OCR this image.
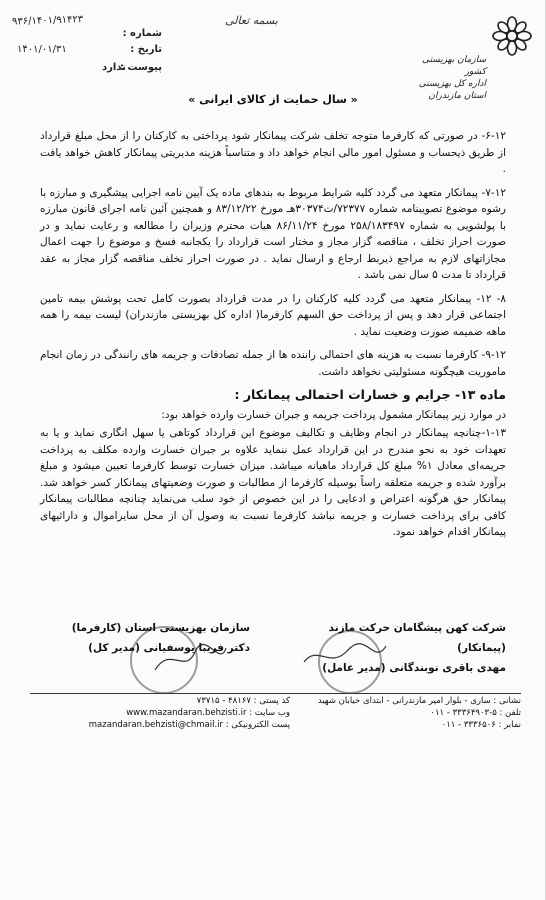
۹۳۶/۱۴۰۱/۹۱۴۲۳
شماره :
تاریخ :
۱۴۰۱/۰۱/۳۱
پیوست :
ندارد
بسمه تعالی
سازمان بهزیستی کشور
اداره کل بهزیستی استان مازندران
« سال حمایت از کالای ایرانی »

۶-۱۲- در صورتی که کارفرما متوجه تخلف شرکت پیمانکار شود پرداختی به کارکنان را از محل مبلغ قرارداد از طریق ذیحساب و مسئول امور مالی انجام خواهد داد و متناسباً هزینه مدیریتی پیمانکار کاهش خواهد یافت .

۷-۱۲- پیمانکار متعهد می گردد کلیه شرایط مربوط به بندهای ماده یک آیین نامه اجرایی پیشگیری و مبارزه با رشوه موضوع تصویبنامه شماره ۷۲۳۷۷/ت۳۰۳۷۴هـ مورخ ۸۳/۱۲/۲۲ و همچنین آئین نامه اجرای قانون مبارزه با پولشویی به شماره ۲۵۸/۱۸۳۴۹۷ مورخ ۸۶/۱۱/۲۴ هیات محترم وزیران را مطالعه و رعایت نماید و در صورت احراز تخلف ، مناقصه گزار مجاز و مختار است قرارداد را یکجانبه فسخ و موضوع را جهت اعمال مجازاتهای لازم به مراجع ذیربط ارجاع و ارسال نماید . در صورت احراز تخلف مناقصه گزار مجاز به عقد قرارداد تا مدت ۵ سال نمی باشد .

۸- ۱۲- پیمانکار متعهد می گردد کلیه کارکنان را در مدت قرارداد بصورت کامل تحت پوشش بیمه تامین اجتماعی قرار دهد و پس از پرداخت حق السهم کارفرما( اداره کل بهزیستی مازندران) لیست بیمه را همه ماهه ضمیمه صورت وضعیت نماید .

۹-۱۲- کارفرما نسبت به هزینه های احتمالی راننده ها از جمله تصادفات و جریمه های رانندگی در زمان انجام ماموریت هیچگونه مسئولیتی نخواهد داشت.

ماده ۱۳- جرایم و خسارات احتمالی پیمانکار :

در موارد زیر پیمانکار مشمول پرداخت جریمه و جبران خسارت وارده خواهد بود:

۱-۱۳-چنانچه پیمانکار در انجام وظایف و تکالیف موضوع این قرارداد کوتاهی یا سهل انگاری نماید و یا به تعهدات خود به نحو مندرج در این قرارداد عمل ننماید علاوه بر جبران خسارت وارده مکلف به پرداخت جریمه‌ای معادل ۱% مبلغ کل قرارداد ماهیانه میباشد. میزان خسارت توسط کارفرما تعیین میشود و مبلغ برآورد شده و جریمه متعلقه راساً بوسیله کارفرما از مطالبات و صورت وضعیتهای پیمانکار کسر خواهد شد. پیمانکار حق هرگونه اعتراض و ادعایی را در این خصوص از خود سلب می‌نماید چنانچه مطالبات پیمانکار کافی برای پرداخت خسارت و جریمه نباشد کارفرما نسبت به وصول آن از محل سایراموال و دارائیهای پیمانکار اقدام خواهد نمود.

سازمان بهزیستی استان (کارفرما)
دکتر فریبا یوسفیانی (مدیر کل)
شرکت کهن پیشگامان حرکت مازند (پیمانکار)
مهدی باقری نوبندگانی (مدیر عامل)
نشانی : ساری - بلوار امیر مازندرانی - ابتدای خیابان شهید
تلفن : ۵-۳۳۳۶۴۹۰۳ - ۰۱۱
نمابر : ۳۳۳۶۵۰۶ - ۰۱۱
کد پستی : ۴۸۱۶۷ - ۷۳۷۱۵
وب سایت : www.mazandaran.behzisti.ir
پست الکترونیکی : mazandaran.behzisti@chmail.ir
